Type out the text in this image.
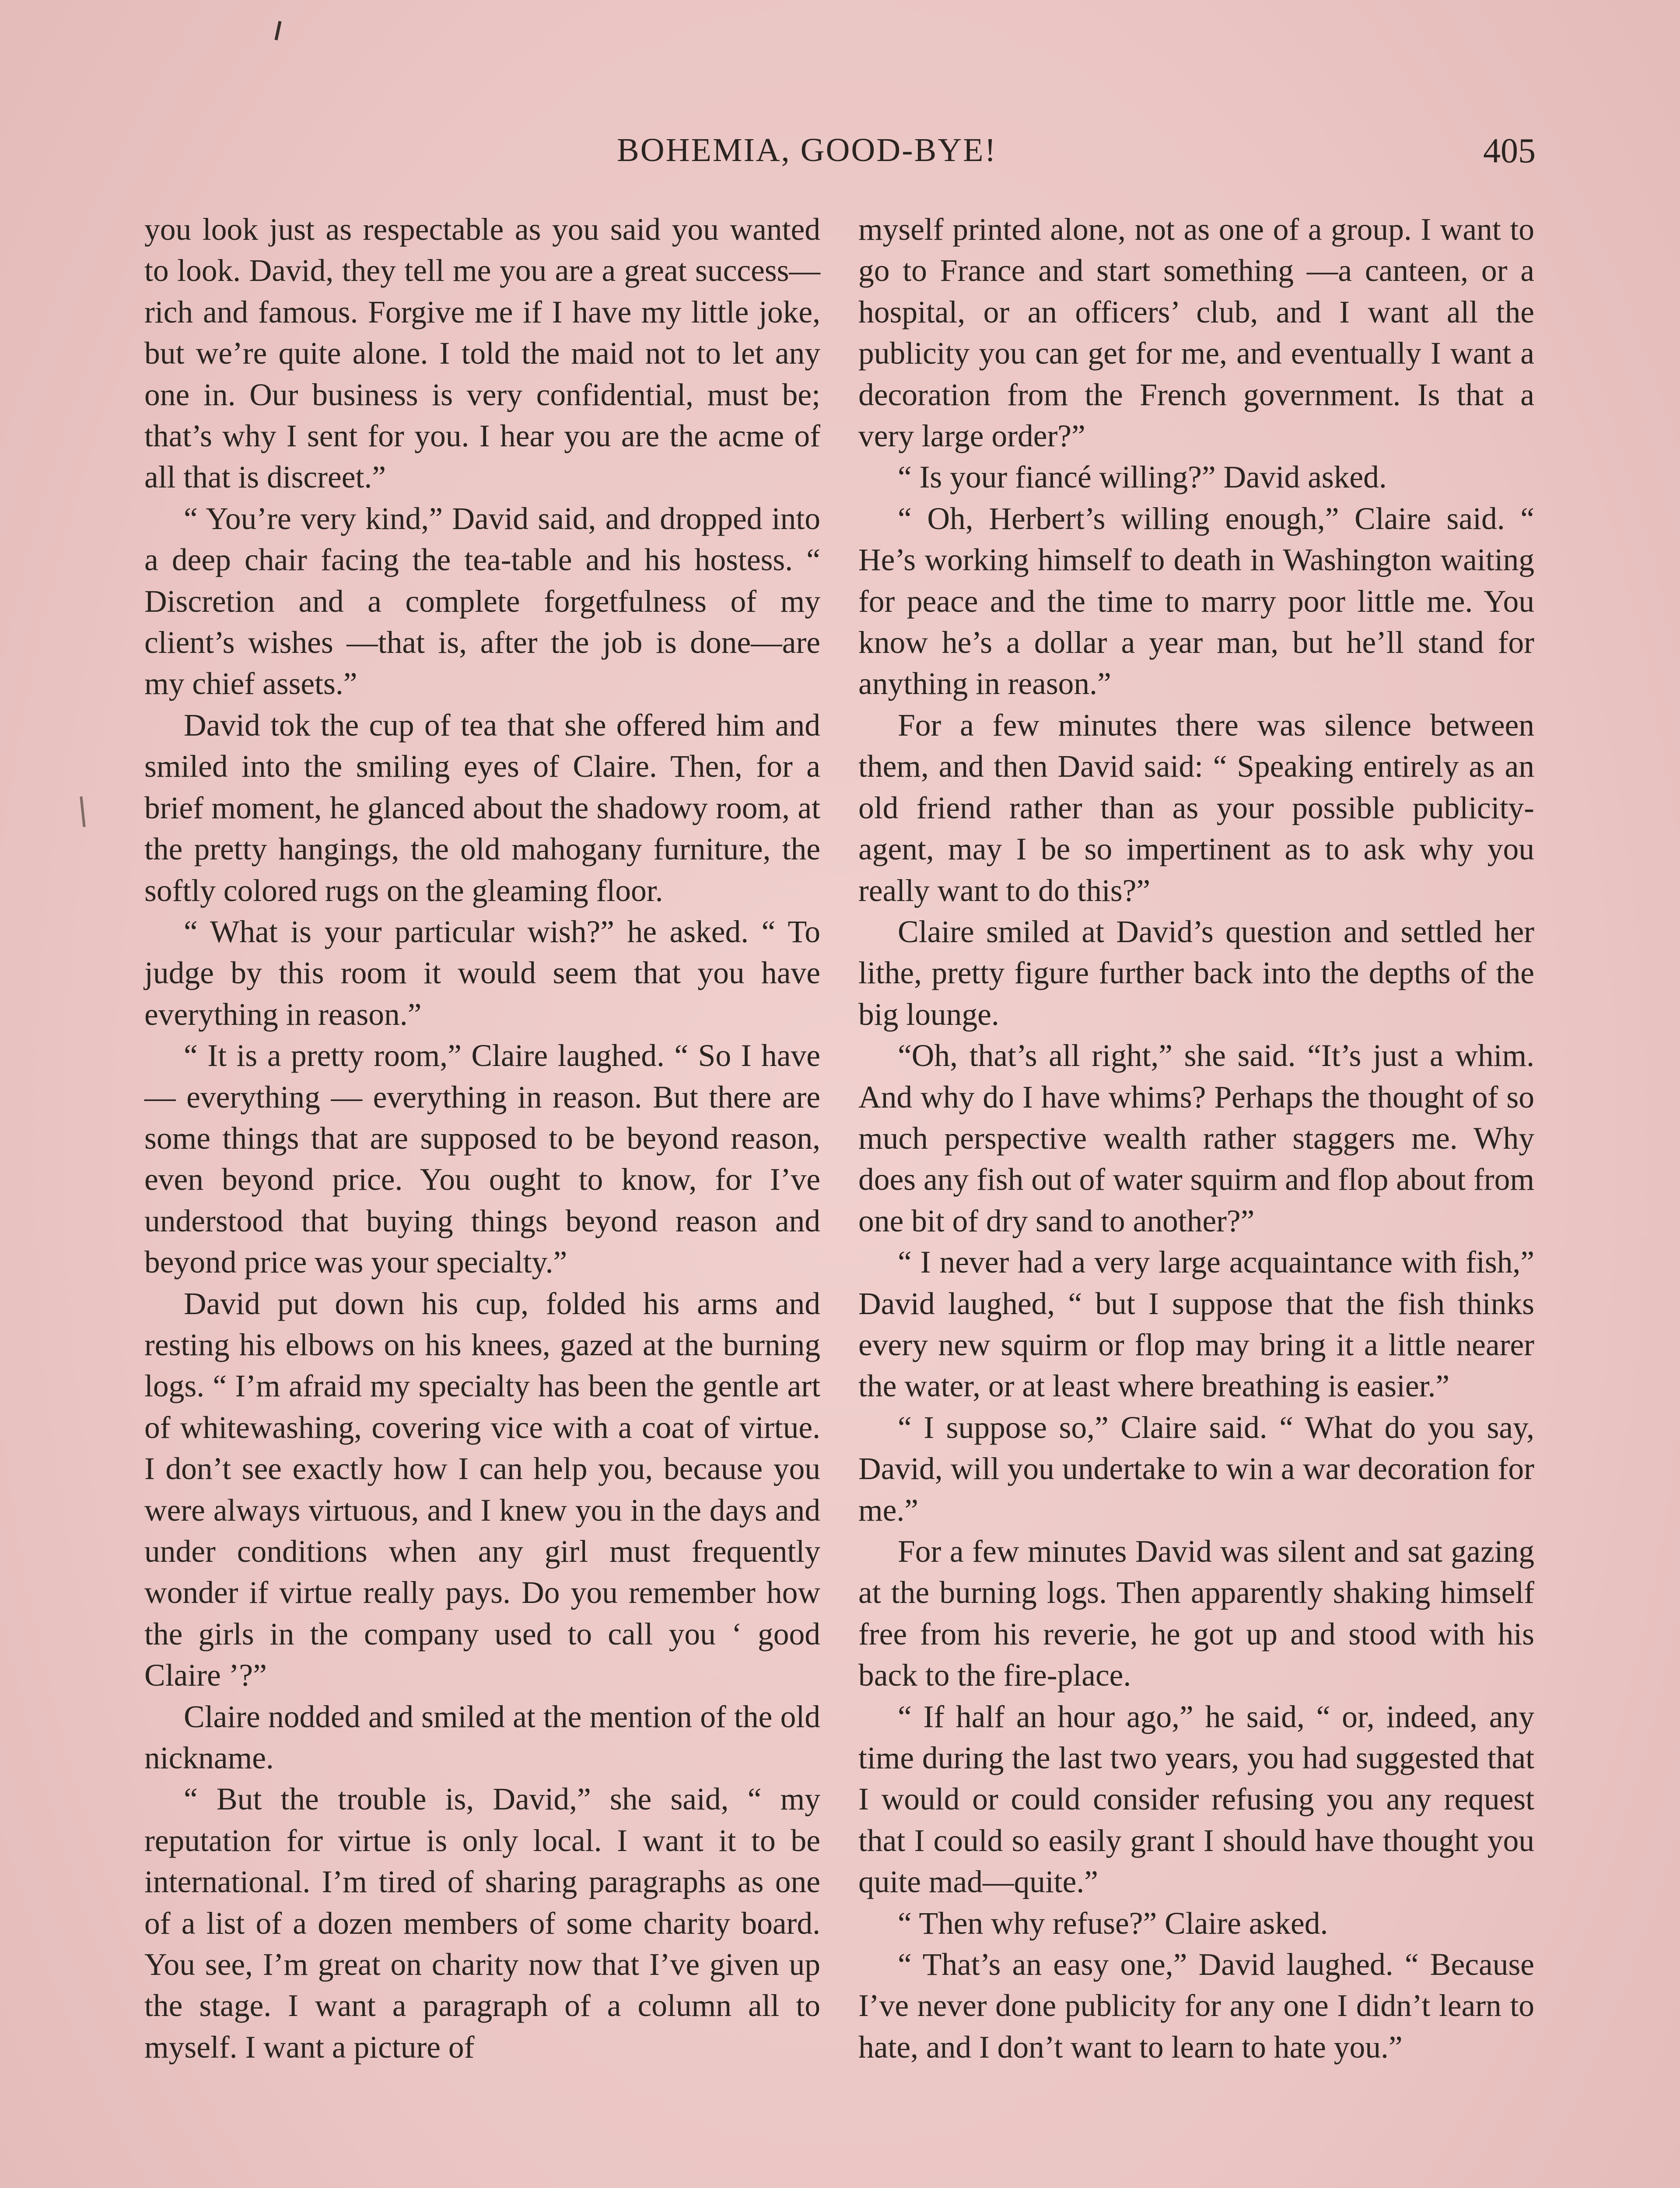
BOHEMIA, GOOD-BYE!	405

you look just as respectable as you said you wanted to look. David, they tell me you are a great success—rich and famous. Forgive me if I have my little joke, but we’re quite alone. I told the maid not to let any one in. Our business is very confidential, must be; that’s why I sent for you. I hear you are the acme of all that is discreet.”

“ You’re very kind,” David said, and dropped into a deep chair facing the tea-table and his hostess. “ Discretion and a complete forgetfulness of my client’s wishes —that is, after the job is done—are my chief assets.”

David tok the cup of tea that she offered him and smiled into the smiling eyes of Claire. Then, for a brief moment, he glanced about the shadowy room, at the pretty hangings, the old mahogany furniture, the softly colored rugs on the gleaming floor.

“ What is your particular wish?” he asked. “ To judge by this room it would seem that you have everything in reason.”

“ It is a pretty room,” Claire laughed. “ So I have — everything — everything in reason. But there are some things that are supposed to be beyond reason, even beyond price. You ought to know, for I’ve understood that buying things beyond reason and beyond price was your specialty.”

David put down his cup, folded his arms and resting his elbows on his knees, gazed at the burning logs. “ I’m afraid my specialty has been the gentle art of whitewashing, covering vice with a coat of virtue. I don’t see exactly how I can help you, because you were always virtuous, and I knew you in the days and under conditions when any girl must frequently wonder if virtue really pays. Do you remember how the girls in the company used to call you ‘ good Claire ’?”

Claire nodded and smiled at the mention of the old nickname.

“ But the trouble is, David,” she said, “ my reputation for virtue is only local. I want it to be international. I’m tired of sharing paragraphs as one of a list of a dozen members of some charity board. You see, I’m great on charity now that I’ve given up the stage. I want a paragraph of a column all to myself. I want a picture of

myself printed alone, not as one of a group. I want to go to France and start something —a canteen, or a hospital, or an officers’ club, and I want all the publicity you can get for me, and eventually I want a decoration from the French government. Is that a very large order?”

“ Is your fiancé willing?” David asked.

“ Oh, Herbert’s willing enough,” Claire said. “ He’s working himself to death in Washington waiting for peace and the time to marry poor little me. You know he’s a dollar a year man, but he’ll stand for anything in reason.”

For a few minutes there was silence between them, and then David said: “ Speaking entirely as an old friend rather than as your possible publicity-agent, may I be so impertinent as to ask why you really want to do this?”

Claire smiled at David’s question and settled her lithe, pretty figure further back into the depths of the big lounge.

“Oh, that’s all right,” she said. “It’s just a whim. And why do I have whims? Perhaps the thought of so much perspective wealth rather staggers me. Why does any fish out of water squirm and flop about from one bit of dry sand to another?”

“ I never had a very large acquaintance with fish,” David laughed, “ but I suppose that the fish thinks every new squirm or flop may bring it a little nearer the water, or at least where breathing is easier.”

“ I suppose so,” Claire said. “ What do you say, David, will you undertake to win a war decoration for me.”

For a few minutes David was silent and sat gazing at the burning logs. Then apparently shaking himself free from his reverie, he got up and stood with his back to the fire-place.

“ If half an hour ago,” he said, “ or, indeed, any time during the last two years, you had suggested that I would or could consider refusing you any request that I could so easily grant I should have thought you quite mad—quite.”

“ Then why refuse?” Claire asked.

“ That’s an easy one,” David laughed. “ Because I’ve never done publicity for any one I didn’t learn to hate, and I don’t want to learn to hate you.”
